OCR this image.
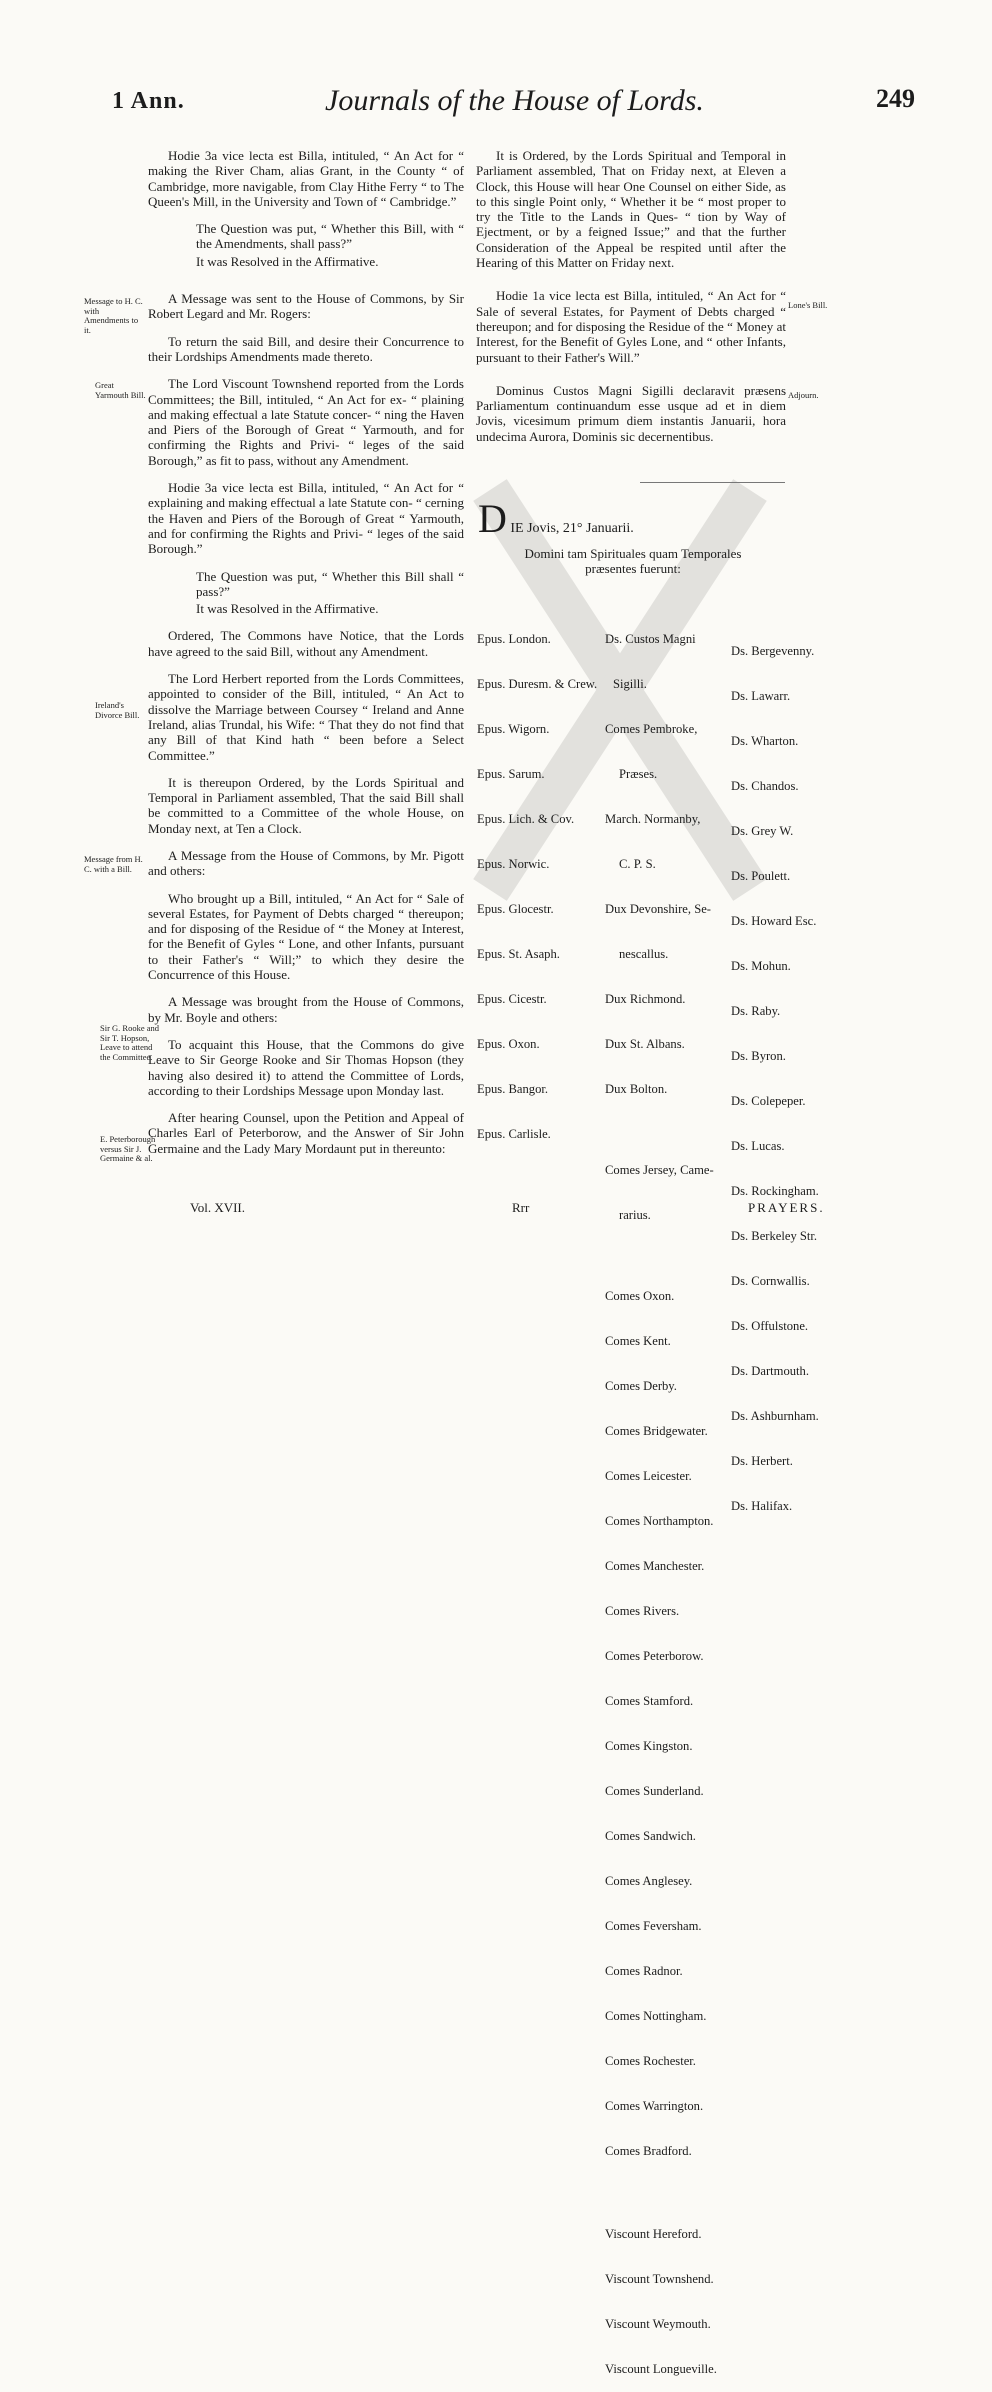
1 Ann.	Journals of the House of Lords.	249
Message to H. C. with Amendments to it.
Great Yarmouth Bill.
Ireland's Divorce Bill.
Message from H. C. with a Bill.
Sir G. Rooke and Sir T. Hopson, Leave to attend the Committee.
E. Peterborough versus Sir J. Germaine & al.
Lone's Bill.
Adjourn.

Hodie 3a vice lecta est Billa, intituled, “ An Act for “ making the River Cham, alias Grant, in the County “ of Cambridge, more navigable, from Clay Hithe Ferry “ to The Queen's Mill, in the University and Town of “ Cambridge.”

The Question was put, “ Whether this Bill, with “ the Amendments, shall pass?”

It was Resolved in the Affirmative.

A Message was sent to the House of Commons, by Sir Robert Legard and Mr. Rogers:

To return the said Bill, and desire their Concurrence to their Lordships Amendments made thereto.

The Lord Viscount Townshend reported from the Lords Committees; the Bill, intituled, “ An Act for ex- “ plaining and making effectual a late Statute concer- “ ning the Haven and Piers of the Borough of Great “ Yarmouth, and for confirming the Rights and Privi- “ leges of the said Borough,” as fit to pass, without any Amendment.

Hodie 3a vice lecta est Billa, intituled, “ An Act for “ explaining and making effectual a late Statute con- “ cerning the Haven and Piers of the Borough of Great “ Yarmouth, and for confirming the Rights and Privi- “ leges of the said Borough.”

The Question was put, “ Whether this Bill shall “ pass?”

It was Resolved in the Affirmative.

Ordered, The Commons have Notice, that the Lords have agreed to the said Bill, without any Amendment.

The Lord Herbert reported from the Lords Committees, appointed to consider of the Bill, intituled, “ An Act to dissolve the Marriage between Coursey “ Ireland and Anne Ireland, alias Trundal, his Wife: “ That they do not find that any Bill of that Kind hath “ been before a Select Committee.”

It is thereupon Ordered, by the Lords Spiritual and Temporal in Parliament assembled, That the said Bill shall be committed to a Committee of the whole House, on Monday next, at Ten a Clock.

A Message from the House of Commons, by Mr. Pigott and others:

Who brought up a Bill, intituled, “ An Act for “ Sale of several Estates, for Payment of Debts charged “ thereupon; and for disposing of the Residue of “ the Money at Interest, for the Benefit of Gyles “ Lone, and other Infants, pursuant to their Father's “ Will;” to which they desire the Concurrence of this House.

A Message was brought from the House of Commons, by Mr. Boyle and others:

To acquaint this House, that the Commons do give Leave to Sir George Rooke and Sir Thomas Hopson (they having also desired it) to attend the Committee of Lords, according to their Lordships Message upon Monday last.

After hearing Counsel, upon the Petition and Appeal of Charles Earl of Peterborow, and the Answer of Sir John Germaine and the Lady Mary Mordaunt put in thereunto:

It is Ordered, by the Lords Spiritual and Temporal in Parliament assembled, That on Friday next, at Eleven a Clock, this House will hear One Counsel on either Side, as to this single Point only, “ Whether it be “ most proper to try the Title to the Lands in Ques- “ tion by Way of Ejectment, or by a feigned Issue;” and that the further Consideration of the Appeal be respited until after the Hearing of this Matter on Friday next.

Hodie 1a vice lecta est Billa, intituled, “ An Act for “ Sale of several Estates, for Payment of Debts charged “ thereupon; and for disposing the Residue of the “ Money at Interest, for the Benefit of Gyles Lone, and “ other Infants, pursuant to their Father's Will.”

Dominus Custos Magni Sigilli declaravit præsens Parliamentum continuandum esse usque ad et in diem Jovis, vicesimum primum diem instantis Januarii, hora undecima Aurora, Dominis sic decernentibus.

D IE Jovis, 21° Januarii.
Domini tam Spirituales quam Temporales præsentes fuerunt:

Epus. London.

Epus. Duresm. & Crew.

Epus. Wigorn.

Epus. Sarum.

Epus. Lich. & Cov.

Epus. Norwic.

Epus. Glocestr.

Epus. St. Asaph.

Epus. Cicestr.

Epus. Oxon.

Epus. Bangor.

Epus. Carlisle.

Ds. Custos Magni

Sigilli.

Comes Pembroke,

Præses.

March. Normanby,

C. P. S.

Dux Devonshire, Se-

nescallus.

Dux Richmond.

Dux St. Albans.

Dux Bolton.

Comes Jersey, Came-

rarius.

Comes Oxon.

Comes Kent.

Comes Derby.

Comes Bridgewater.

Comes Leicester.

Comes Northampton.

Comes Manchester.

Comes Rivers.

Comes Peterborow.

Comes Stamford.

Comes Kingston.

Comes Sunderland.

Comes Sandwich.

Comes Anglesey.

Comes Feversham.

Comes Radnor.

Comes Nottingham.

Comes Rochester.

Comes Warrington.

Comes Bradford.

Viscount Hereford.

Viscount Townshend.

Viscount Weymouth.

Viscount Longueville.

Ds. Bergevenny.

Ds. Lawarr.

Ds. Wharton.

Ds. Chandos.

Ds. Grey W.

Ds. Poulett.

Ds. Howard Esc.

Ds. Mohun.

Ds. Raby.

Ds. Byron.

Ds. Colepeper.

Ds. Lucas.

Ds. Rockingham.

Ds. Berkeley Str.

Ds. Cornwallis.

Ds. Offulstone.

Ds. Dartmouth.

Ds. Ashburnham.

Ds. Herbert.

Ds. Halifax.

Vol. XVII.	Rrr	PRAYERS.
